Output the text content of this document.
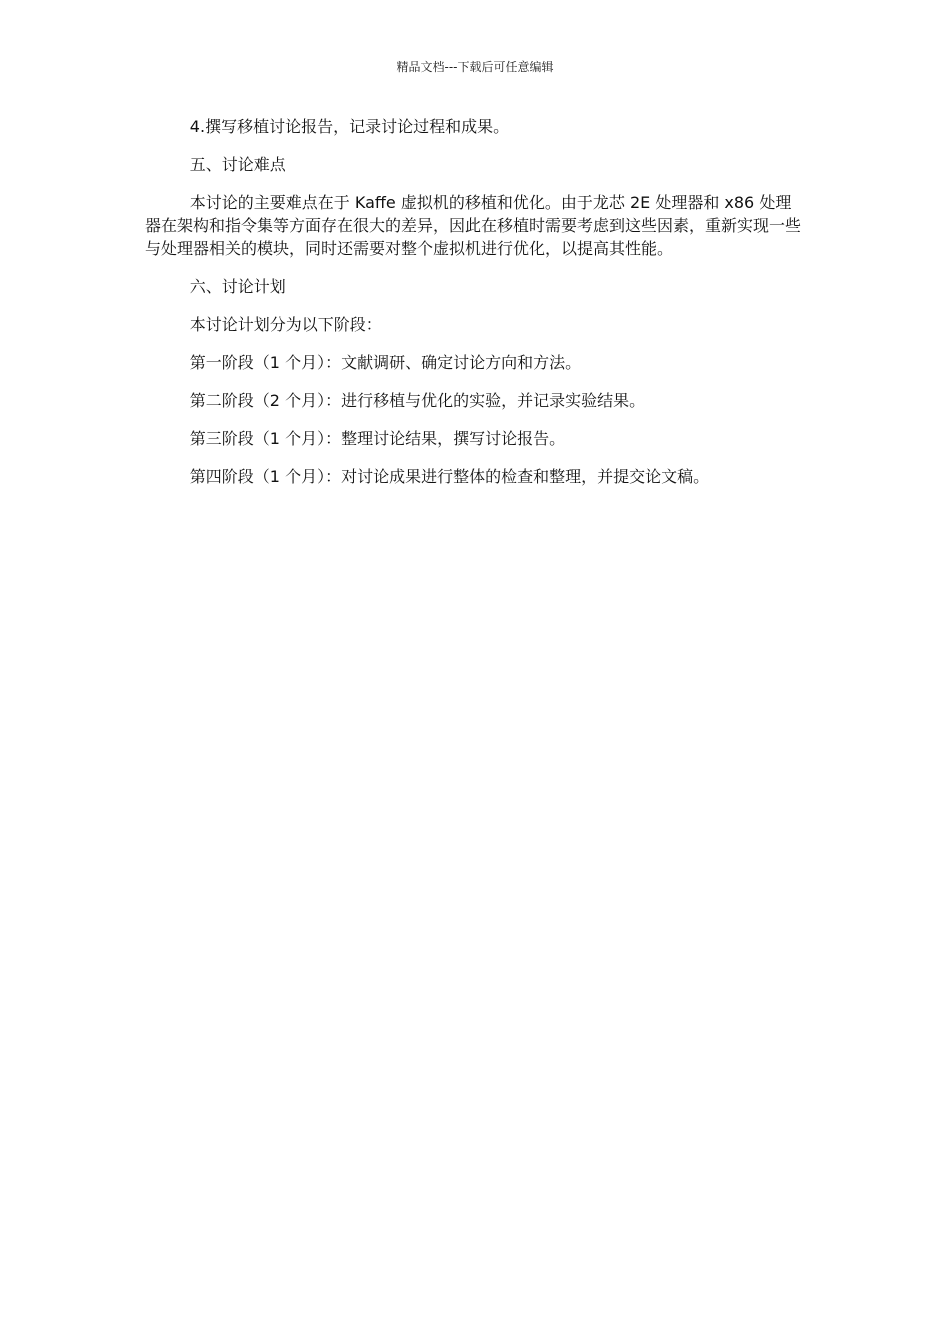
精品文档---下载后可任意编辑

4.撰写移植讨论报告，记录讨论过程和成果。

五、讨论难点

本讨论的主要难点在于 Kaffe 虚拟机的移植和优化。由于龙芯 2E 处理器和 x86 处理器在架构和指令集等方面存在很大的差异，因此在移植时需要考虑到这些因素，重新实现一些与处理器相关的模块，同时还需要对整个虚拟机进行优化，以提高其性能。

六、讨论计划

本讨论计划分为以下阶段：

第一阶段（1 个月）：文献调研、确定讨论方向和方法。

第二阶段（2 个月）：进行移植与优化的实验，并记录实验结果。

第三阶段（1 个月）：整理讨论结果，撰写讨论报告。

第四阶段（1 个月）：对讨论成果进行整体的检查和整理，并提交论文稿。
